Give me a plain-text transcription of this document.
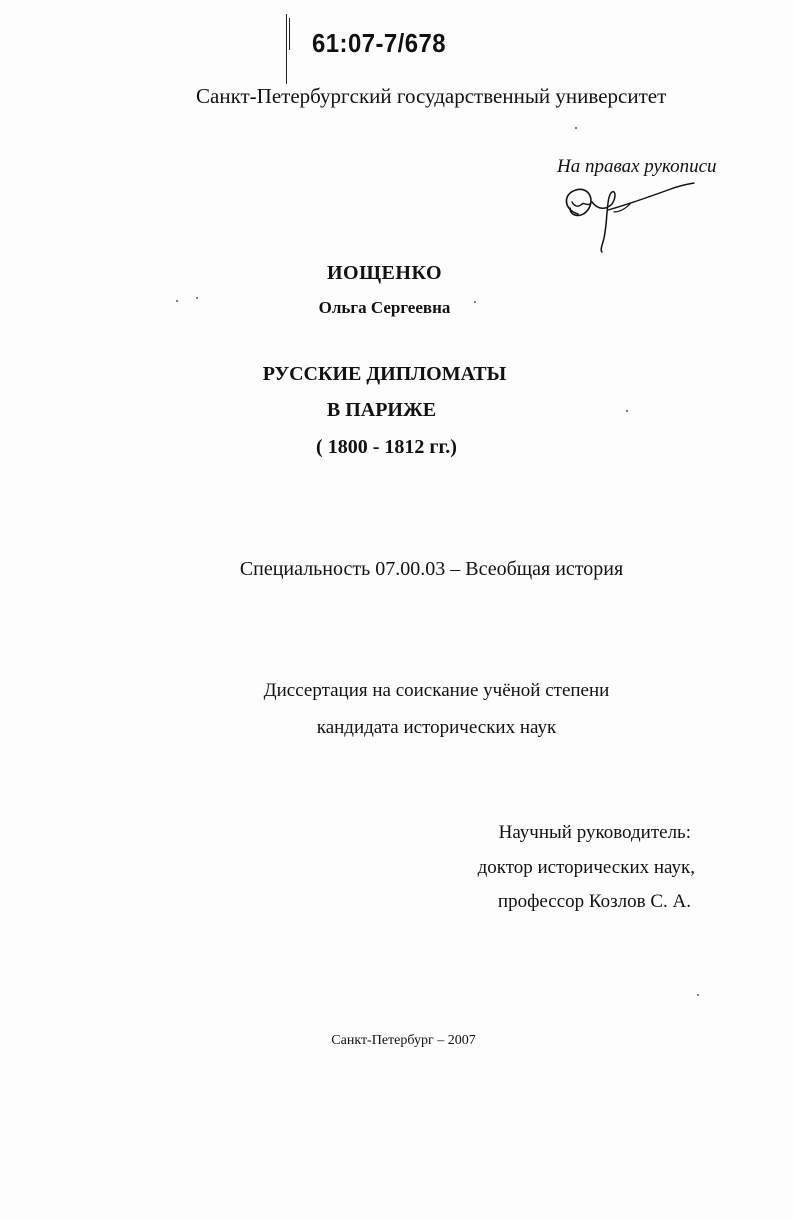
61:07-7/678
Санкт-Петербургский государственный университет
На правах рукописи
ИОЩЕНКО
Ольга Сергеевна
РУССКИЕ ДИПЛОМАТЫ
В ПАРИЖЕ
( 1800 - 1812 гг.)
Специальность 07.00.03 – Всеобщая история
Диссертация на соискание учёной степени
кандидата исторических наук
Научный руководитель:
доктор исторических наук,
профессор Козлов С. А.
Санкт-Петербург – 2007
